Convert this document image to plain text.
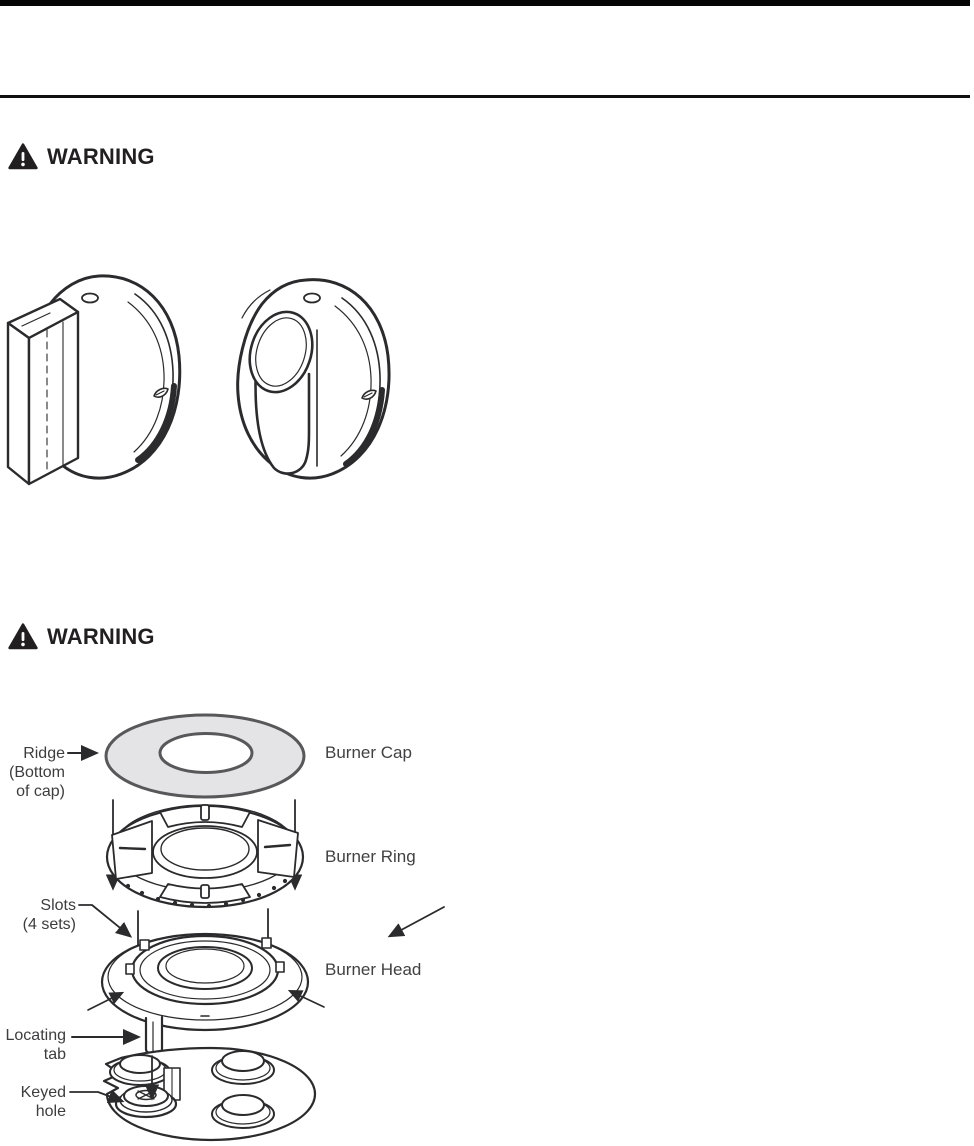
WARNING
WARNING
Ridge
(Bottom
of cap)
Burner Cap
Burner Ring
Burner Head
Slots
(4 sets)
Locating
tab
Keyed
hole
